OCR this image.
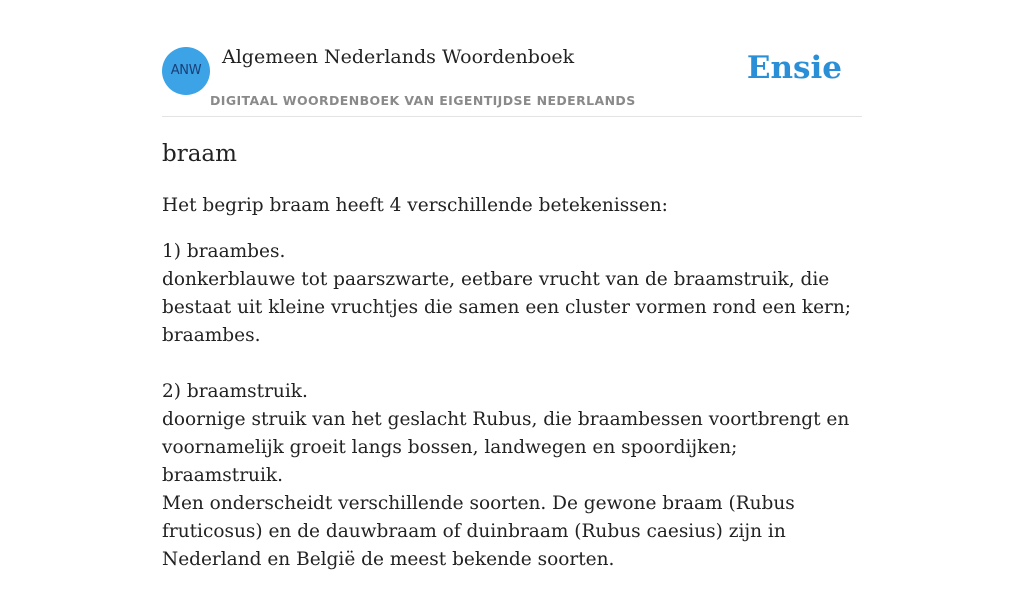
ANW
Algemeen Nederlands Woordenboek
DIGITAAL WOORDENBOEK VAN EIGENTIJDSE NEDERLANDS
Ensie
braam

Het begrip braam heeft 4 verschillende betekenissen:

1) braambes.
donkerblauwe tot paarszwarte, eetbare vrucht van de braamstruik, die bestaat uit kleine vruchtjes die samen een cluster vormen rond een kern; braambes.
2) braamstruik.
doornige struik van het geslacht Rubus, die braambessen voortbrengt en voornamelijk groeit langs bossen, landwegen en spoordijken; braamstruik.
Men onderscheidt verschillende soorten. De gewone braam (Rubus fruticosus) en de dauwbraam of duinbraam (Rubus caesius) zijn in Nederland en België de meest bekende soorten.
